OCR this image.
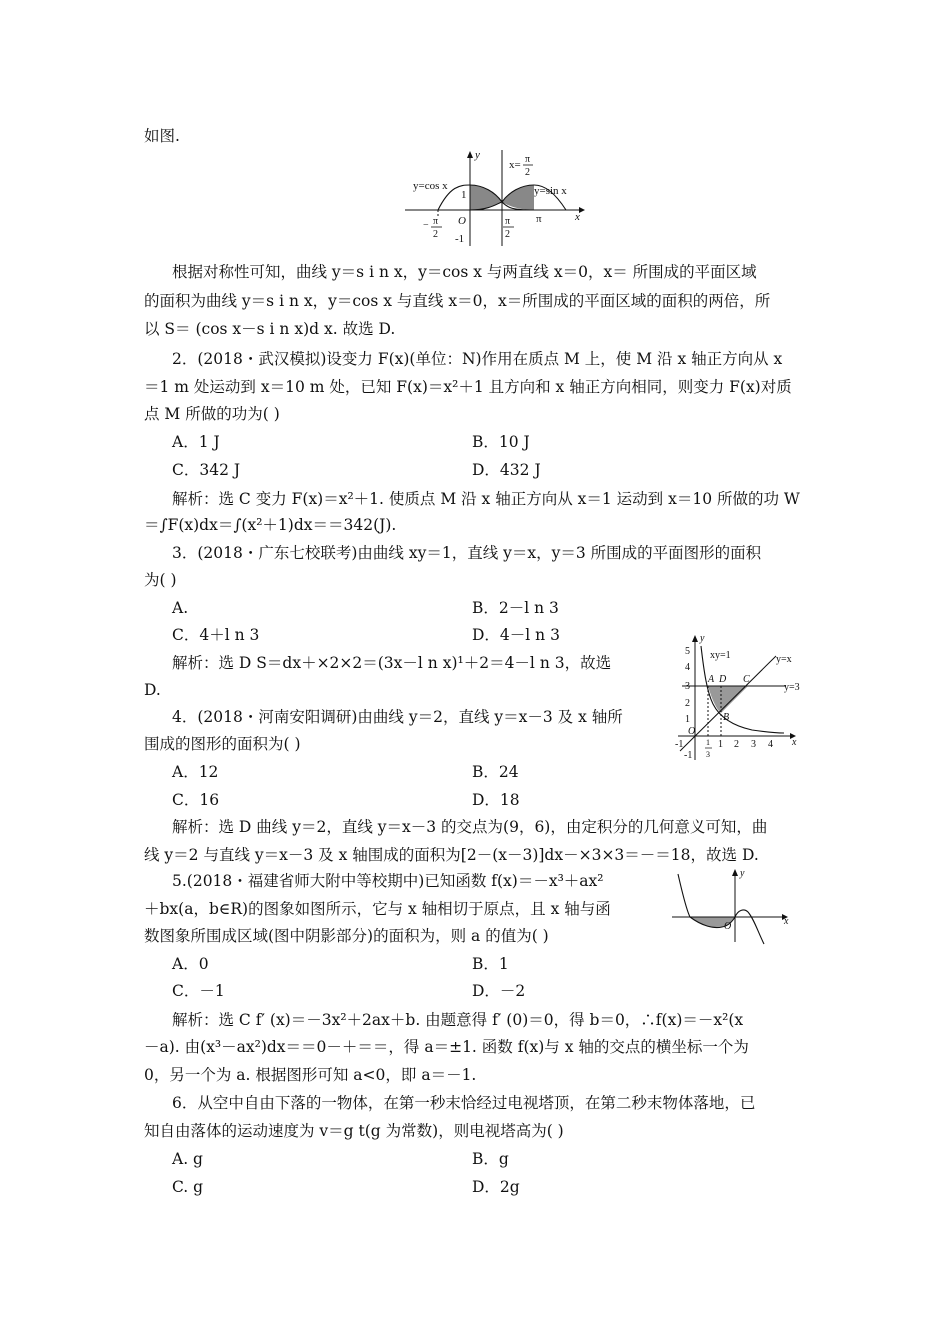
如图.
y
x
y=cos x	y=sin x
x= π
2
1
-1
O	π
− π
2
π
2
根据对称性可知，曲线 y＝s i n x，y＝cos x 与两直线 x＝0，x＝ 所围成的平面区域
的面积为曲线 y＝s i n x，y＝cos x 与直线 x＝0，x＝所围成的平面区域的面积的两倍，所
以 S＝ (cos x－s i n x)d x. 故选 D.
2．(2018・武汉模拟)设变力 F(x)(单位：N)作用在质点 M 上，使 M 沿 x 轴正方向从 x
＝1 m 处运动到 x＝10 m 处，已知 F(x)＝x²＋1 且方向和 x 轴正方向相同，则变力 F(x)对质
点 M 所做的功为( )
A．1 J	B．10 J
C．342 J	D．432 J
解析：选 C 变力 F(x)＝x²＋1. 使质点 M 沿 x 轴正方向从 x＝1 运动到 x＝10 所做的功 W
＝∫F(x)dx＝∫(x²＋1)dx＝＝342(J).
3．(2018・广东七校联考)由曲线 xy＝1，直线 y＝x，y＝3 所围成的平面图形的面积
为( )
A.	B．2－l n 3
C．4＋l n 3	D．4－l n 3
解析：选 D S＝dx＋×2×2＝(3x－l n x)¹＋2＝4－l n 3，故选
D.
y
x
xy=1	y=x
y=3
A D C
B
O
5
4
3
2
1
-1	1 2 3 4
-1
1
3
4．(2018・河南安阳调研)由曲线 y＝2，直线 y＝x－3 及 x 轴所
围成的图形的面积为( )
A．12	B．24
C．16	D．18
解析：选 D 曲线 y＝2，直线 y＝x－3 的交点为(9，6)，由定积分的几何意义可知，曲
线 y＝2 与直线 y＝x－3 及 x 轴围成的面积为[2－(x－3)]dx－×3×3＝－＝18，故选 D.
y
x
O
5.(2018・福建省师大附中等校期中)已知函数 f(x)＝－x³＋ax²
＋bx(a，b∈R)的图象如图所示，它与 x 轴相切于原点，且 x 轴与函
数图象所围成区域(图中阴影部分)的面积为，则 a 的值为( )
A．0	B．1
C．－1	D．－2
解析：选 C f′ (x)＝－3x²＋2ax＋b. 由题意得 f′ (0)＝0，得 b＝0，∴f(x)＝－x²(x
－a). 由(x³－ax²)dx＝＝0－＋＝＝，得 a＝±1. 函数 f(x)与 x 轴的交点的横坐标一个为
0，另一个为 a. 根据图形可知 a<0，即 a＝－1.
6．从空中自由下落的一物体，在第一秒末恰经过电视塔顶，在第二秒末物体落地，已
知自由落体的运动速度为 v＝g t(g 为常数)，则电视塔高为( )
A. g	B．g
C. g	D．2g
